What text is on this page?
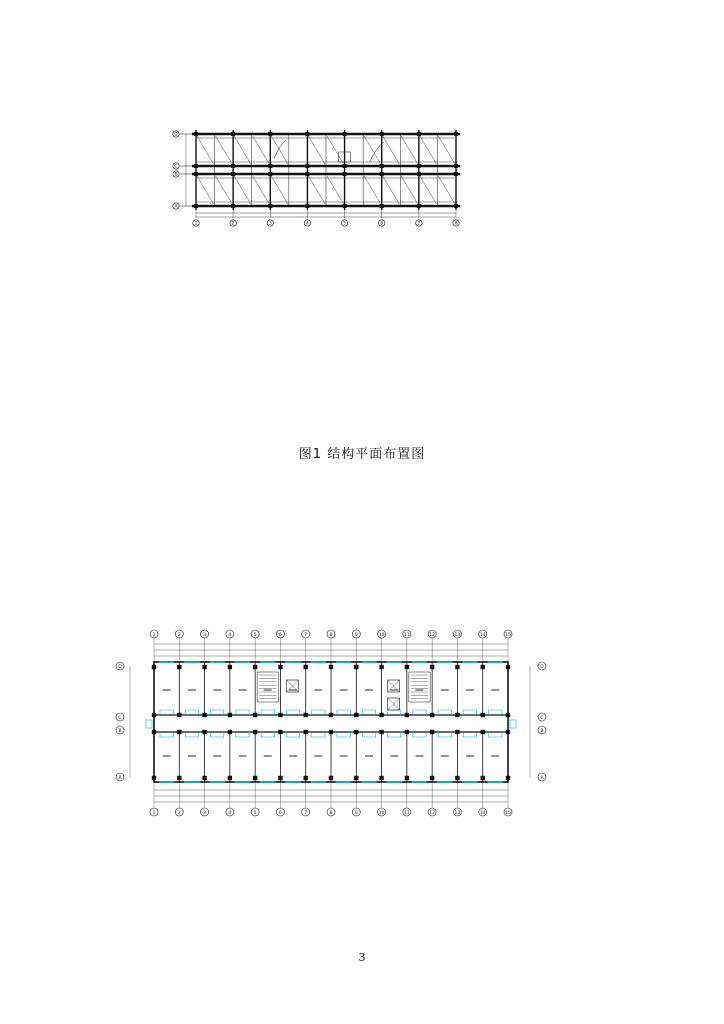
D
C
B
A
1	2	3	4	5	6	7	8
图1 结构平面布置图
1
1
2
2
3
3
4
4
5
5
6
6
7
7
8
8
9
9
10
10
11
11
12
12
13
13
14
14
15
15
D	D
C	C
B	B
A	A
3
